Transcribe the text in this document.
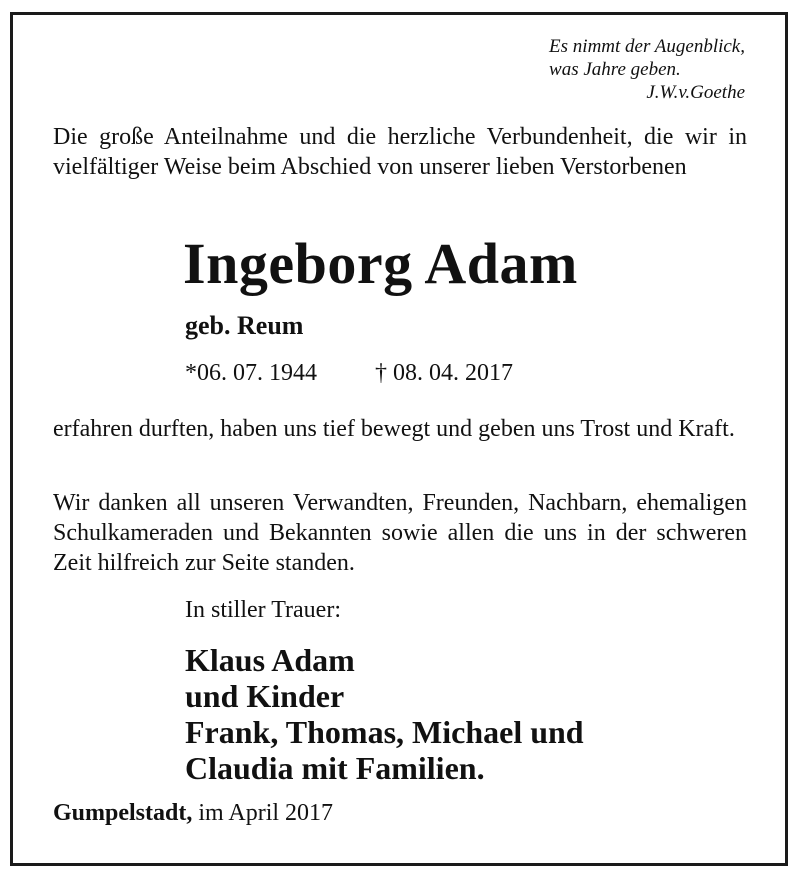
Es nimmt der Augenblick,
was Jahre geben.
J.W.v.Goethe
Die große Anteilnahme und die herzliche Verbundenheit, die wir in vielfältiger Weise beim Abschied von unserer lieben Verstorbenen
Ingeborg Adam
geb. Reum
*06. 07. 1944 † 08. 04. 2017
erfahren durften, haben uns tief bewegt und geben uns Trost und Kraft.
Wir danken all unseren Verwandten, Freunden, Nachbarn, ehemaligen Schulkameraden und Bekannten sowie allen die uns in der schweren Zeit hilfreich zur Seite standen.
In stiller Trauer:
Klaus Adam
und Kinder
Frank, Thomas, Michael und
Claudia mit Familien.
Gumpelstadt, im April 2017
